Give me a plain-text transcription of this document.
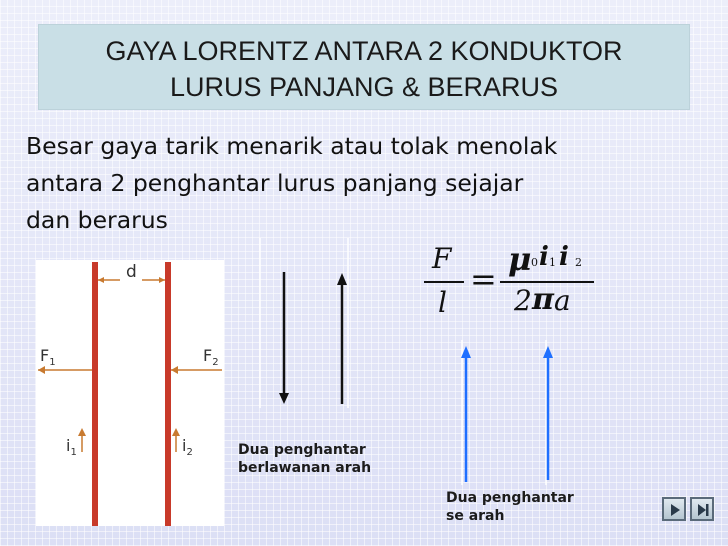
GAYA LORENTZ ANTARA 2 KONDUKTOR
LURUS PANJANG & BERARUS
Besar gaya tarik menarik atau tolak menolak
antara 2 penghantar lurus panjang sejajar
dan berarus
d
$F_1$	$F_2$
$i_1$	$i_2$
F
l
=
μ 0 i 1 i 2
2 π a
Dua penghantar
berlawanan arah
Dua penghantar
se arah
